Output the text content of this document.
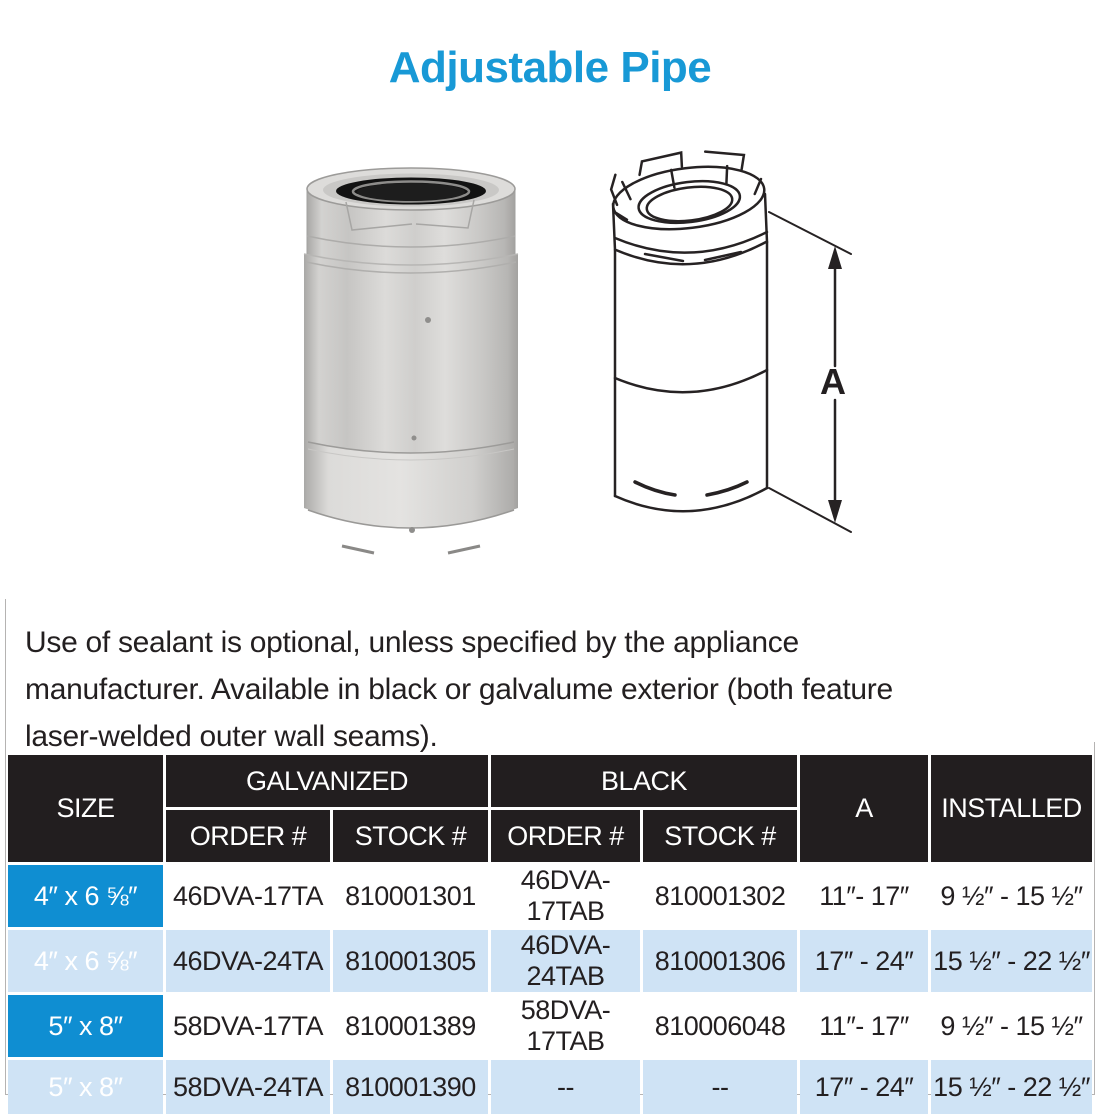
Adjustable Pipe
A

Use of sealant is optional, unless specified by the appliance manufacturer. Available in black or galvalume exterior (both feature laser-welded outer wall seams).

SIZE	GALVANIZED		BLACK		A	INSTALLED
	ORDER #	STOCK #	ORDER #	STOCK #		
4″ x 6 ⅝″	46DVA-17TA	810001301	46DVA-17TAB	810001302	11″- 17″	9 ½″ - 15 ½″
4″ x 6 ⅝″	46DVA-24TA	810001305	46DVA-24TAB	810001306	17″ - 24″	15 ½″ - 22 ½″
5″ x 8″	58DVA-17TA	810001389	58DVA-17TAB	810006048	11″- 17″	9 ½″ - 15 ½″
5″ x 8″	58DVA-24TA	810001390	--	--	17″ - 24″	15 ½″ - 22 ½″
